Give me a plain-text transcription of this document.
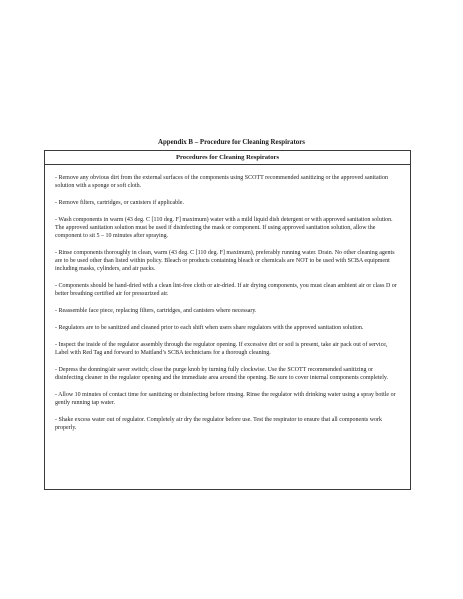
Appendix B – Procedure for Cleaning Respirators
Procedures for Cleaning Respirators
- Remove any obvious dirt from the external surfaces of the components using SCOTT recommended sanitizing or the approved sanitation solution with a sponge or soft cloth.
- Remove filters, cartridges, or canisters if applicable.
- Wash components in warm (43 deg. C [110 deg. F] maximum) water with a mild liquid dish detergent or with approved sanitation solution. The approved sanitation solution must be used if disinfecting the mask or component. If using approved sanitation solution, allow the component to sit 5 – 10 minutes after spraying.
- Rinse components thoroughly in clean, warm (43 deg. C [110 deg. F] maximum), preferably running water. Drain. No other cleaning agents are to be used other than listed within policy. Bleach or products containing bleach or chemicals are NOT to be used with SCBA equipment including masks, cylinders, and air packs.
- Components should be hand-dried with a clean lint-free cloth or air-dried. If air drying components, you must clean ambient air or class D or better breathing certified air for pressurized air.
- Reassemble face piece, replacing filters, cartridges, and canisters where necessary.
- Regulators are to be sanitized and cleaned prior to each shift when users share regulators with the approved sanitation solution.
- Inspect the inside of the regulator assembly through the regulator opening. If excessive dirt or soil is present, take air pack out of service, Label with Red Tag and forward to Maitland’s SCBA technicians for a thorough cleaning.
- Depress the donning/air saver switch; close the purge knob by turning fully clockwise. Use the SCOTT recommended sanitizing or disinfecting cleaner in the regulator opening and the immediate area around the opening. Be sure to cover internal components completely.
- Allow 10 minutes of contact time for sanitizing or disinfecting before rinsing. Rinse the regulator with drinking water using a spray bottle or gently running tap water.
- Shake excess water out of regulator. Completely air dry the regulator before use. Test the respirator to ensure that all components work properly.
